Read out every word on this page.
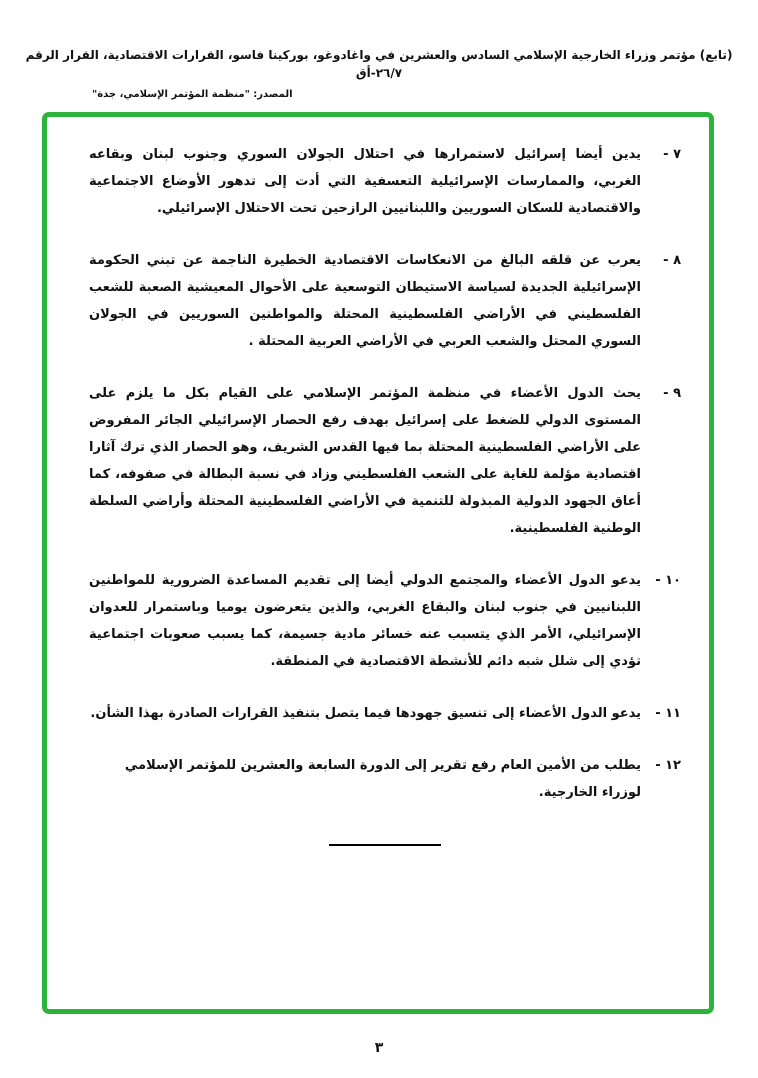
(تابع) مؤتمر وزراء الخارجية الإسلامي السادس والعشرين في واغادوغو، بوركينا فاسو، القرارات الاقتصادية، القرار الرقم ٢٦/٧-أق
المصدر: "منظمة المؤتمر الإسلامي، جدة"
٧ -
يدين أيضا إسرائيل لاستمرارها في احتلال الجولان السوري وجنوب لبنان وبقاعه الغربي، والممارسات الإسرائيلية التعسفية التي أدت إلى تدهور الأوضاع الاجتماعية والاقتصادية للسكان السوريين واللبنانيين الرازحين تحت الاحتلال الإسرائيلي.
٨ -
يعرب عن قلقه البالغ من الانعكاسات الاقتصادية الخطيرة الناجمة عن تبني الحكومة الإسرائيلية الجديدة لسياسة الاستيطان التوسعية على الأحوال المعيشية الصعبة للشعب الفلسطيني في الأراضي الفلسطينية المحتلة والمواطنين السوريين في الجولان السوري المحتل والشعب العربي في الأراضي العربية المحتلة .
٩ -
يحث الدول الأعضاء في منظمة المؤتمر الإسلامي على القيام بكل ما يلزم على المستوى الدولي للضغط على إسرائيل بهدف رفع الحصار الإسرائيلي الجائر المفروض على الأراضي الفلسطينية المحتلة بما فيها القدس الشريف، وهو الحصار الذي ترك آثارا اقتصادية مؤلمة للغاية على الشعب الفلسطيني وزاد في نسبة البطالة في صفوفه، كما أعاق الجهود الدولية المبذولة للتنمية في الأراضي الفلسطينية المحتلة وأراضي السلطة الوطنية الفلسطينية.
١٠ -
يدعو الدول الأعضاء والمجتمع الدولي أيضا إلى تقديم المساعدة الضرورية للمواطنين اللبنانيين في جنوب لبنان والبقاع الغربي، والذين يتعرضون يوميا وباستمرار للعدوان الإسرائيلي، الأمر الذي يتسبب عنه خسائر مادية جسيمة، كما يسبب صعوبات اجتماعية تؤدي إلى شلل شبه دائم للأنشطة الاقتصادية في المنطقة.
١١ -
يدعو الدول الأعضاء إلى تنسيق جهودها فيما يتصل بتنفيذ القرارات الصادرة بهذا الشأن.
١٢ -
يطلب من الأمين العام رفع تقرير إلى الدورة السابعة والعشرين للمؤتمر الإسلامي لوزراء الخارجية.
٣
